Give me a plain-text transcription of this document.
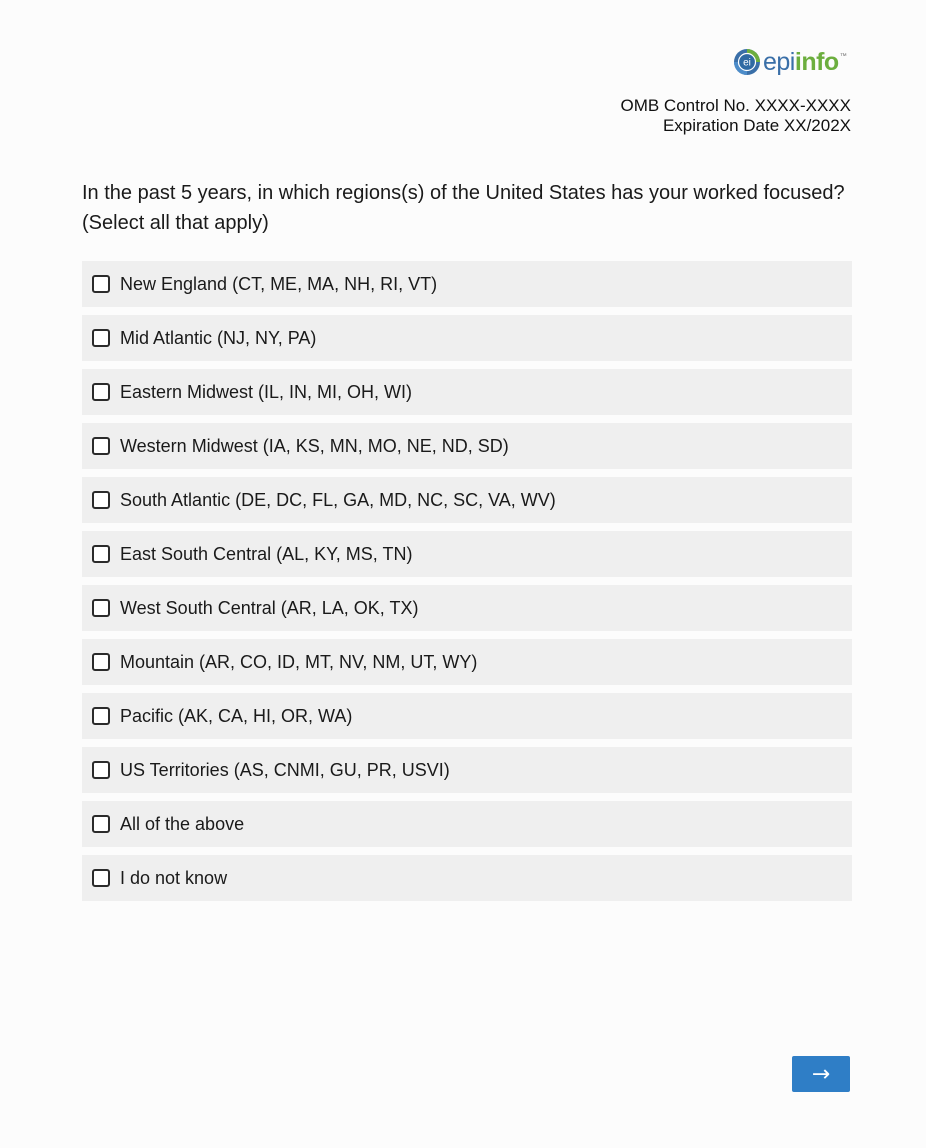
ei epi info ™
OMB Control No. XXXX-XXXX
Expiration Date XX/202X
In the past 5 years, in which regions(s) of the United States has your worked focused?
(Select all that apply)
New England (CT, ME, MA, NH, RI, VT)
Mid Atlantic (NJ, NY, PA)
Eastern Midwest (IL, IN, MI, OH, WI)
Western Midwest (IA, KS, MN, MO, NE, ND, SD)
South Atlantic (DE, DC, FL, GA, MD, NC, SC, VA, WV)
East South Central (AL, KY, MS, TN)
West South Central (AR, LA, OK, TX)
Mountain (AR, CO, ID, MT, NV, NM, UT, WY)
Pacific (AK, CA, HI, OR, WA)
US Territories (AS, CNMI, GU, PR, USVI)
All of the above
I do not know
→
